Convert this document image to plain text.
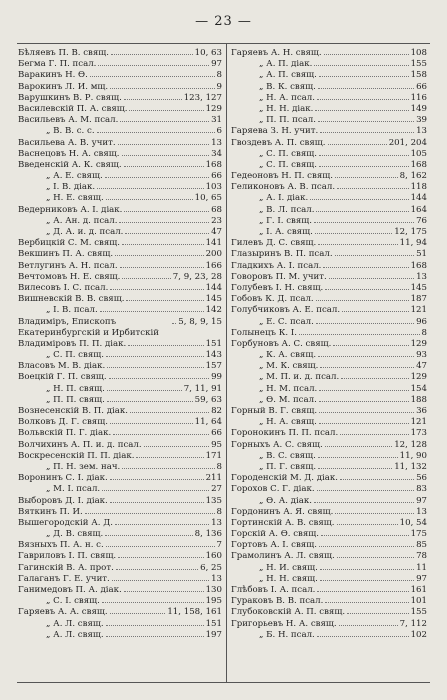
— 23 —
Бѣляевъ П. В. свящ.	10, 63
Бегма Г. П. псал.	97
Варакинъ Н. Ѳ.	8
Варокинъ Л. И. мщ.	9
Варушкинъ В. Р. свящ.	123, 127
Василевскій П. А. свящ.	129
Васильевъ А. М. псал.	31
„ В. В. с. с.	6
Васильева А. В. учит.	13
Васнецовъ Н. А. свящ.	34
Введенскій А. К. свящ.	168
„ А. Е. свящ.	66
„ І. В. діак.	103
„ Н. Е. свящ.	10, 65
Ведерниковъ А. І. діак.	68
„ А. Ан. д. псал.	23
„ Д. А. и. д. псал.	47
Вербицкій С. М. свящ.	141
Векшинъ П. А. свящ.	200
Ветлугинъ А. Н. псал.	166
Вечтомовъ Н. Е. свящ.	7, 9, 23, 28
Вилесовъ І. С. псал.	144
Вишневскій В. В. свящ.	145
„ І. В. псал.	142
Владиміръ, Епископъ Екатеринбургскій и Ирбитскій
5, 8, 9, 15
Владиміровъ П. П. діак.	151
„ С. П. свящ.	143
Власовъ М. В. діак.	157
Воецкій Г. П. свящ.	99
„ Н. П. свящ.	7, 11, 91
„ П. П. свящ.	59, 63
Вознесенскій В. П. діак.	82
Волковъ Д. Г. свящ.	11, 64
Вольвскій П. Г. діак.	66
Волчихинъ А. П. и. д. псал.	95
Воскресенскій П. П. діак.	171
„ П. Н. зем. нач.	8
Воронинъ С. І. діак.	211
„ М. І. псал.	27
Выборовъ Д. І. діак.	135
Вяткинъ П. И.	8
Вышегородскій А. Д.	13
„ Д. В. свящ.	8, 136
Вязныхъ П. А. н. с.	7
Гавриловъ І. П. свящ.	160
Гагинскій В. А. прот.	6, 25
Галаганъ Г. Е. учит.	13
Ганимедовъ П. А. діак.	130
„ С. І. свящ.	195
Гаряевъ А. А. свящ.	11, 158, 161
„ А. Л. свящ.	151
„ А. Л. свящ.	197
Гаряевъ А. Н. свящ.	108
„ А. П. діак.	155
„ А. П. свящ.	158
„ В. К. свящ.	66
„ Н. А. псал.	116
„ Н. Н. діак.	149
„ П. П. псал.	39
Гаряева З. Н. учит.	13
Гвоздевъ А. П. свящ.	201, 204
„ С. П. свящ.	105
„ С. П. свящ.	168
Гедеоновъ Н. П. свящ.	8, 162
Геликоновъ А. В. псал.	118
„ А. І. діак.	144
„ В. Л. псал.	164
„ Г. І. свящ.	76
„ І. А. свящ.	12, 175
Гилевъ Д. С. свящ.	11, 94
Глазыринъ В. П. псал.	51
Гладкихъ А. І. псал.	168
Говоровъ П. М. учит.	13
Голубевъ І. Н. свящ.	145
Гобовъ К. Д. псал.	187
Голубчиковъ А. Е. псал.	121
„ Е. С. псал.	96
Голынецъ К. І.	8
Горбуновъ А. С. свящ.	129
„ К. А. свящ.	93
„ М. К. свящ.	47
„ М. П. и. д. псал.	129
„ Н. М. псал.	154
„ Ѳ. М. псал.	188
Горный В. Г. свящ.	36
„ Н. А. свящ.	121
Горонокинъ П. П. псал.	173
Горныхъ А. С. свящ.	12, 128
„ В. С. свящ.	11, 90
„ П. Г. свящ.	11, 132
Городенскій М. Д. діак.	56
Горохов С. Г. діак.	83
„ Ѳ. А. діак.	97
Гордонинъ А. Я. свящ.	13
Гортинскій А. В. свящ.	10, 54
Горскій А. Ѳ. свящ.	175
Гортовъ А. І. свящ.	85
Грамолинъ А. Л. свящ.	78
„ Н. И. свящ.	11
„ Н. Н. свящ.	97
Глѣбовъ І. А. псал.	161
Гураковъ В. В. псал.	101
Глубоковскій А. П. свящ.	155
Григорьевъ Н. А. свящ.	7, 112
„ Б. Н. псал.	102
